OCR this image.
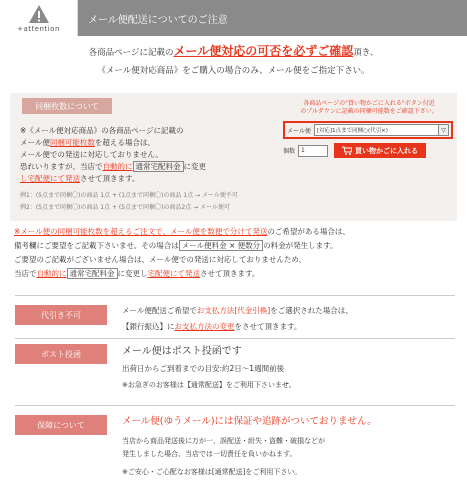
+attention
メール便配送についてのご注意
各商品ページに記載のメール便対応の可否を必ずご確認頂き、
《メール便対応商品》をご購入の場合のみ、メール便をご指定下さい。
同梱枚数について
※《メール便対応商品》の各商品ページに記載の
メール便同梱可能枚数を超える場合は、
メール便での発送に対応しておりません。
恐れいりますが、当店で自動的に 通常宅配料金 に変更
し宅配便にて発送させて頂きます。
例1：(5点まで同梱〇)の商品 1点 + (1点まで同梱〇)の商品 1点 → メール便不可
例2：(5点まで同梱〇)の商品 1点 + (5点まで同梱〇)の商品2点 → メール便可
各商品ページの"買い物かごに入れる"ボタン付近
のプルダウンに記載の同梱可能数をご確認下さい。
メール便	[対応]1点まで同梱○(代引×)	▽
個数	1	買い物かごに入れる
※メール便の同梱可能枚数を超えるご注文で、メール便を数便で分けて発送のご希望がある場合は、
備考欄にご要望をご記載下さいませ。その場合は メール便料金 × 便数分 の料金が発生します。
ご要望のご記載がございません場合は、メール便での発送に対応しておりませんため、
当店で自動的に 通常宅配料金 に変更し宅配便にて発送させて頂きます。
代引き不可	メール便配送ご希望でお支払方法[代金引換]をご選択された場合は、
【銀行振込】にお支払方法の変更をさせて頂きます。
ポスト投函	メール便はポスト投函です
出荷日からご到着までの目安:約2日～1週間前後
※お急ぎのお客様は【通常配送】をご利用下さいませ。
保障について	メール便(ゆうメール)には保証や追跡がついておりません。
当店から商品発送後に万が一、誤配送・紛失・盗難・破損などが
発生しました場合、当店では一切責任を負いかねます。
※ご安心・ご心配なお客様は[通常配送]をご利用下さい。
